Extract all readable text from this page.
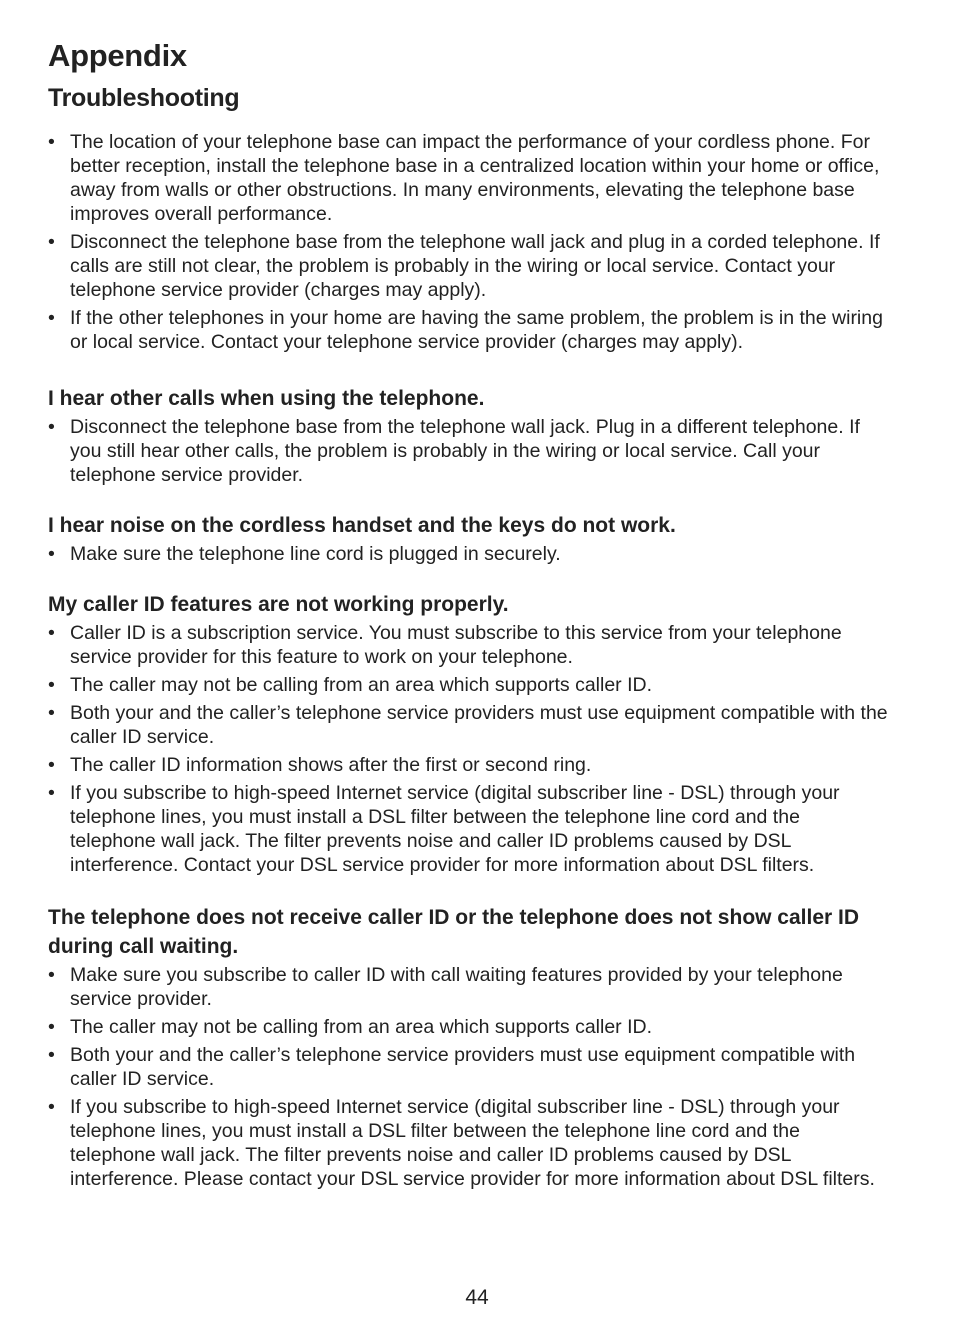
Appendix
Troubleshooting
• The location of your telephone base can impact the performance of your cordless phone. For better reception, install the telephone base in a centralized location within your home or office, away from walls or other obstructions. In many environments, elevating the telephone base improves overall performance.
• Disconnect the telephone base from the telephone wall jack and plug in a corded telephone. If calls are still not clear, the problem is probably in the wiring or local service. Contact your telephone service provider (charges may apply).
• If the other telephones in your home are having the same problem, the problem is in the wiring or local service. Contact your telephone service provider (charges may apply).
I hear other calls when using the telephone.
• Disconnect the telephone base from the telephone wall jack. Plug in a different telephone. If you still hear other calls, the problem is probably in the wiring or local service. Call your telephone service provider.
I hear noise on the cordless handset and the keys do not work.
• Make sure the telephone line cord is plugged in securely.
My caller ID features are not working properly.
• Caller ID is a subscription service. You must subscribe to this service from your telephone service provider for this feature to work on your telephone.
• The caller may not be calling from an area which supports caller ID.
• Both your and the caller’s telephone service providers must use equipment compatible with the caller ID service.
• The caller ID information shows after the first or second ring.
• If you subscribe to high-speed Internet service (digital subscriber line - DSL) through your telephone lines, you must install a DSL filter between the telephone line cord and the telephone wall jack. The filter prevents noise and caller ID problems caused by DSL interference. Contact your DSL service provider for more information about DSL filters.
The telephone does not receive caller ID or the telephone does not show caller ID during call waiting.
• Make sure you subscribe to caller ID with call waiting features provided by your telephone service provider.
• The caller may not be calling from an area which supports caller ID.
• Both your and the caller’s telephone service providers must use equipment compatible with caller ID service.
• If you subscribe to high-speed Internet service (digital subscriber line - DSL) through your telephone lines, you must install a DSL filter between the telephone line cord and the telephone wall jack. The filter prevents noise and caller ID problems caused by DSL interference. Please contact your DSL service provider for more information about DSL filters.
44
